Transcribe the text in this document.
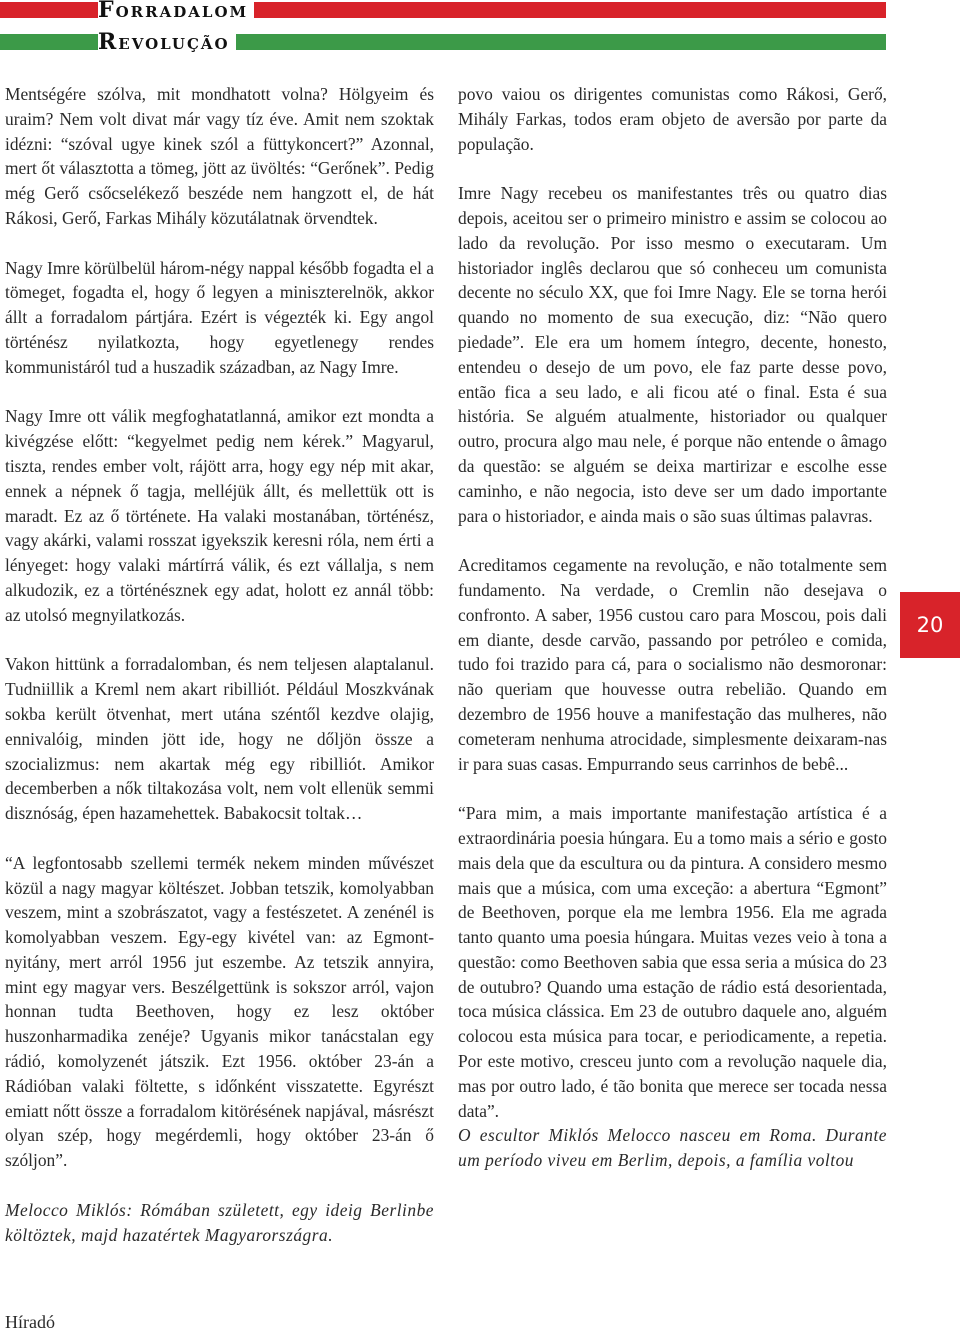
Forradalom
Revolução

Mentségére szólva, mit mondhatott volna? Hölgyeim és uraim? Nem volt divat már vagy tíz éve. Amit nem szoktak idézni: “szóval ugye kinek szól a füttykoncert?” Azonnal, mert őt választotta a tömeg, jött az üvöltés: “Gerőnek”. Pedig még Gerő csőcselékező beszéde nem hangzott el, de hát Rákosi, Gerő, Farkas Mihály közutálatnak örvendtek.

Nagy Imre körülbelül három-négy nappal később fogadta el a tömeget, fogadta el, hogy ő legyen a miniszterelnök, akkor állt a forradalom pártjára. Ezért is végezték ki. Egy angol történész nyilatkozta, hogy egyetlenegy rendes kommunistáról tud a huszadik században, az Nagy Imre.

Nagy Imre ott válik megfoghatatlanná, amikor ezt mondta a kivégzése előtt: “kegyelmet pedig nem kérek.” Magyarul, tiszta, rendes ember volt, rájött arra, hogy egy nép mit akar, ennek a népnek ő tagja, melléjük állt, és mellettük ott is maradt. Ez az ő története. Ha valaki mostanában, történész, vagy akárki, valami rosszat igyekszik keresni róla, nem érti a lényeget: hogy valaki mártírrá válik, és ezt vállalja, s nem alkudozik, ez a történésznek egy adat, holott ez annál több: az utolsó megnyilatkozás.

Vakon hittünk a forradalomban, és nem teljesen alaptalanul. Tudniillik a Kreml nem akart ribilliót. Például Moszkvának sokba került ötvenhat, mert utána széntől kezdve olajig, ennivalóig, minden jött ide, hogy ne dőljön össze a szocializmus: nem akartak még egy ribilliót. Amikor decemberben a nők tiltakozása volt, nem volt ellenük semmi disznóság, épen hazamehettek. Babakocsit toltak…

“A legfontosabb szellemi termék nekem minden művészet közül a nagy magyar költészet. Jobban tetszik, komolyabban veszem, mint a szobrászatot, vagy a festészetet. A zenénél is komolyabban veszem. Egy-egy kivétel van: az Egmont-nyitány, mert arról 1956 jut eszembe. Az tetszik annyira, mint egy magyar vers. Beszélgettünk is sokszor arról, vajon honnan tudta Beethoven, hogy ez lesz október huszonharmadika zenéje? Ugyanis mikor tanácstalan egy rádió, komolyzenét játszik. Ezt 1956. október 23-án a Rádióban valaki föltette, s időnként visszatette. Egyrészt emiatt nőtt össze a forradalom kitörésének napjával, másrészt olyan szép, hogy megérdemli, hogy október 23-án ő szóljon”.

Melocco Miklós: Rómában született, egy ideig Berlinbe költöztek, majd hazatértek Magyarországra.

povo vaiou os dirigentes comunistas como Rákosi, Gerő, Mihály Farkas, todos eram objeto de aversão por parte da população.

Imre Nagy recebeu os manifestantes três ou quatro dias depois, aceitou ser o primeiro ministro e assim se colocou ao lado da revolução. Por isso mesmo o executaram. Um historiador inglês declarou que só conheceu um comunista decente no século XX, que foi Imre Nagy. Ele se torna herói quando no momento de sua execução, diz: “Não quero piedade”. Ele era um homem íntegro, decente, honesto, entendeu o desejo de um povo, ele faz parte desse povo, então fica a seu lado, e ali ficou até o final. Esta é sua história. Se alguém atualmente, historiador ou qualquer outro, procura algo mau nele, é porque não entende o âmago da questão: se alguém se deixa martirizar e escolhe esse caminho, e não negocia, isto deve ser um dado importante para o historiador, e ainda mais o são suas últimas palavras.

Acreditamos cegamente na revolução, e não totalmente sem fundamento. Na verdade, o Cremlin não desejava o confronto. A saber, 1956 custou caro para Moscou, pois dali em diante, desde carvão, passando por petróleo e comida, tudo foi trazido para cá, para o socialismo não desmoronar: não queriam que houvesse outra rebelião. Quando em dezembro de 1956 houve a manifestação das mulheres, não cometeram nenhuma atrocidade, simplesmente deixaram-nas ir para suas casas. Empurrando seus carrinhos de bebê...

“Para mim, a mais importante manifestação artística é a extraordinária poesia húngara. Eu a tomo mais a sério e gosto mais dela que da escultura ou da pintura. A considero mesmo mais que a música, com uma exceção: a abertura “Egmont” de Beethoven, porque ela me lembra 1956. Ela me agrada tanto quanto uma poesia húngara. Muitas vezes veio à tona a questão: como Beethoven sabia que essa seria a música do 23 de outubro? Quando uma estação de rádio está desorientada, toca música clássica. Em 23 de outubro daquele ano, alguém colocou esta música para tocar, e periodicamente, a repetia. Por este motivo, cresceu junto com a revolução naquele dia, mas por outro lado, é tão bonita que merece ser tocada nessa data”.

O escultor Miklós Melocco nasceu em Roma. Durante um período viveu em Berlim, depois, a família voltou

20
Híradó
